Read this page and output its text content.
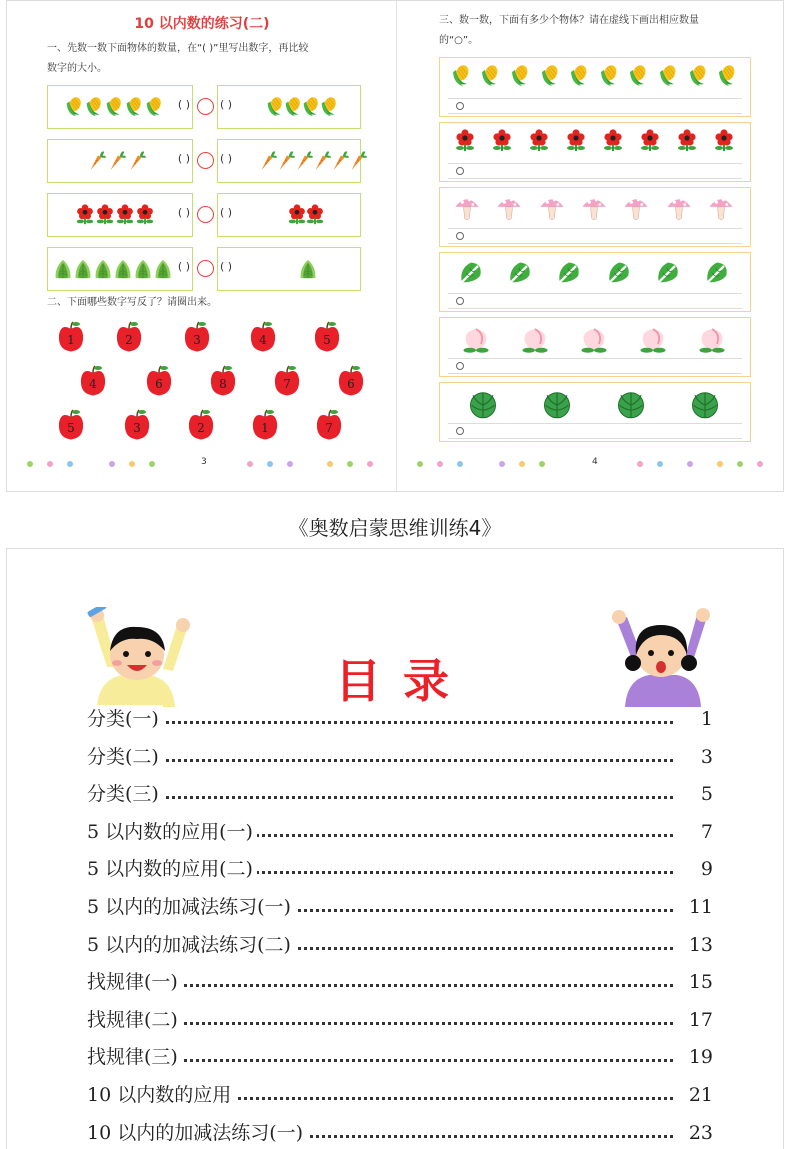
10 以内数的练习(二)
一、先数一数下面物体的数量，在“( )”里写出数字，再比较
数字的大小。
( )	( )
( )	( )
( )	( )
( )	( )
二、下面哪些数字写反了？请圈出来。
1	2	3	4	5
4	6	8	7	6
5	3	2	1	7
3
三、数一数，下面有多少个物体？请在虚线下画出相应数量
的“○”。
4
《奥数启蒙思维训练4》
目录
分类(一)	1
分类(二)	3
分类(三)	5
5 以内数的应用(一)	7
5 以内数的应用(二)	9
5 以内的加减法练习(一)	11
5 以内的加减法练习(二)	13
找规律(一)	15
找规律(二)	17
找规律(三)	19
10 以内数的应用	21
10 以内的加减法练习(一)	23
